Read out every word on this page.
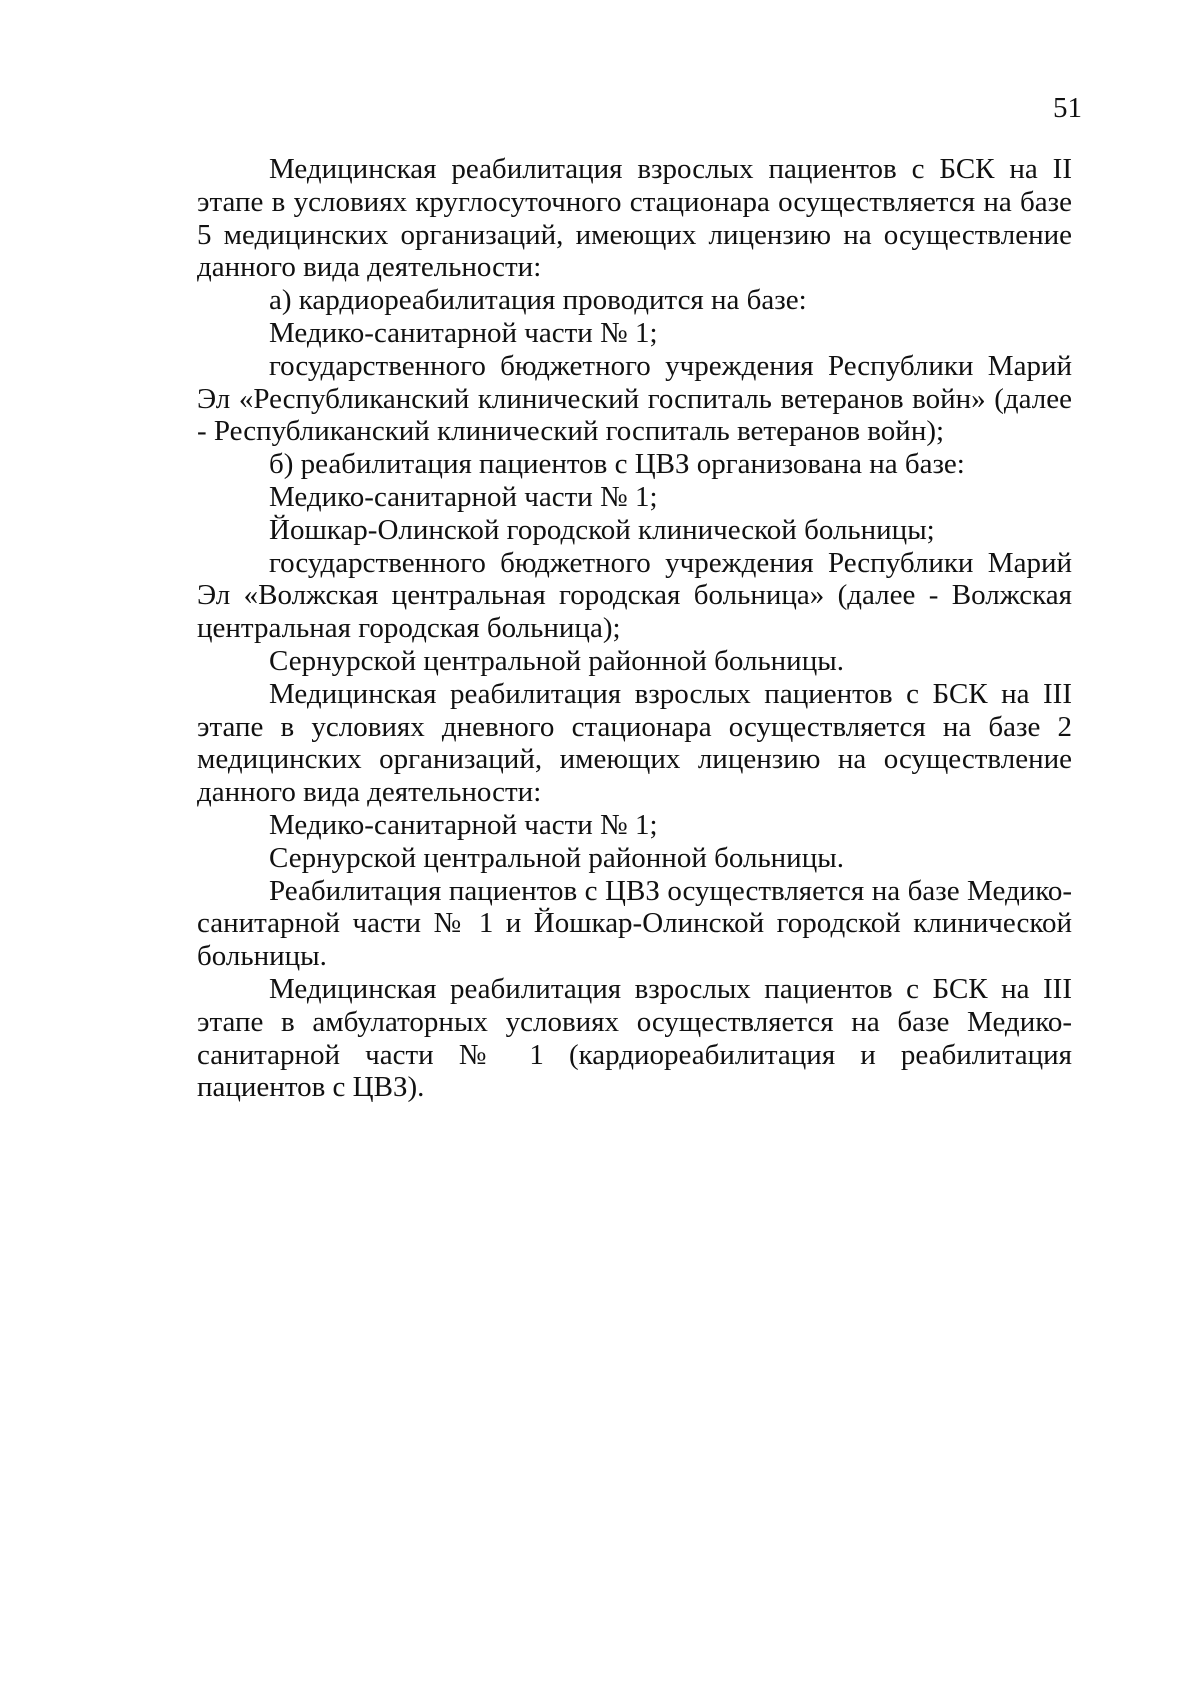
51

Медицинская реабилитация взрослых пациентов с БСК на II этапе в условиях круглосуточного стационара осуществляется на базе 5 медицинских организаций, имеющих лицензию на осуществление данного вида деятельности:

а) кардиореабилитация проводится на базе:

Медико-санитарной части № 1;

государственного бюджетного учреждения Республики Марий Эл «Республиканский клинический госпиталь ветеранов войн» (далее - Республиканский клинический госпиталь ветеранов войн);

б) реабилитация пациентов с ЦВЗ организована на базе:

Медико-санитарной части № 1;

Йошкар-Олинской городской клинической больницы;

государственного бюджетного учреждения Республики Марий Эл «Волжская центральная городская больница» (далее - Волжская центральная городская больница);

Сернурской центральной районной больницы.

Медицинская реабилитация взрослых пациентов с БСК на III этапе в условиях дневного стационара осуществляется на базе 2 медицинских организаций, имеющих лицензию на осуществление данного вида деятельности:

Медико-санитарной части № 1;

Сернурской центральной районной больницы.

Реабилитация пациентов с ЦВЗ осуществляется на базе Медико-санитарной части № 1 и Йошкар-Олинской городской клинической больницы.

Медицинская реабилитация взрослых пациентов с БСК на III этапе в амбулаторных условиях осуществляется на базе Медико-санитарной части № 1 (кардиореабилитация и реабилитация пациентов с ЦВЗ).
